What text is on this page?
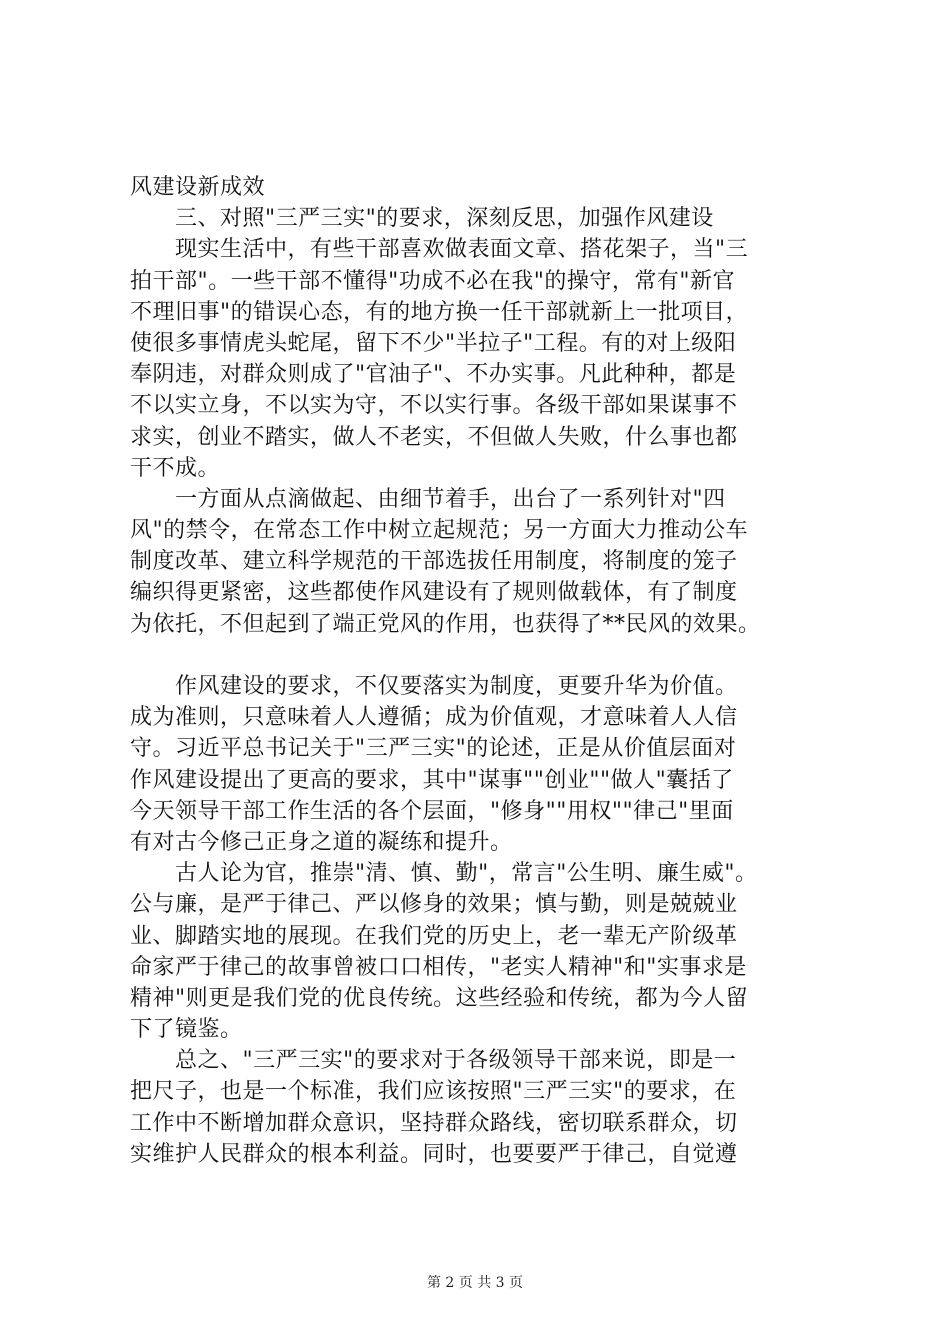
风建设新成效
　　三、对照"三严三实"的要求，深刻反思，加强作风建设
　　现实生活中，有些干部喜欢做表面文章、搭花架子，当"三
拍干部"。一些干部不懂得"功成不必在我"的操守，常有"新官
不理旧事"的错误心态，有的地方换一任干部就新上一批项目，
使很多事情虎头蛇尾，留下不少"半拉子"工程。有的对上级阳
奉阴违，对群众则成了"官油子"、不办实事。凡此种种，都是
不以实立身，不以实为守，不以实行事。各级干部如果谋事不
求实，创业不踏实，做人不老实，不但做人失败，什么事也都
干不成。
　　一方面从点滴做起、由细节着手，出台了一系列针对"四
风"的禁令，在常态工作中树立起规范；另一方面大力推动公车
制度改革、建立科学规范的干部选拔任用制度，将制度的笼子
编织得更紧密，这些都使作风建设有了规则做载体，有了制度
为依托，不但起到了端正党风的作用，也获得了**民风的效果。
　　作风建设的要求，不仅要落实为制度，更要升华为价值。
成为准则，只意味着人人遵循；成为价值观，才意味着人人信
守。习近平总书记关于"三严三实"的论述，正是从价值层面对
作风建设提出了更高的要求，其中"谋事""创业""做人"囊括了
今天领导干部工作生活的各个层面，"修身""用权""律己"里面
有对古今修己正身之道的凝练和提升。
　　古人论为官，推崇"清、慎、勤"，常言"公生明、廉生威"。
公与廉，是严于律己、严以修身的效果；慎与勤，则是兢兢业
业、脚踏实地的展现。在我们党的历史上，老一辈无产阶级革
命家严于律己的故事曾被口口相传，"老实人精神"和"实事求是
精神"则更是我们党的优良传统。这些经验和传统，都为今人留
下了镜鉴。
　　总之、"三严三实"的要求对于各级领导干部来说，即是一
把尺子，也是一个标准，我们应该按照"三严三实"的要求，在
工作中不断增加群众意识，坚持群众路线，密切联系群众，切
实维护人民群众的根本利益。同时，也要要严于律己，自觉遵
第 2 页 共 3 页
